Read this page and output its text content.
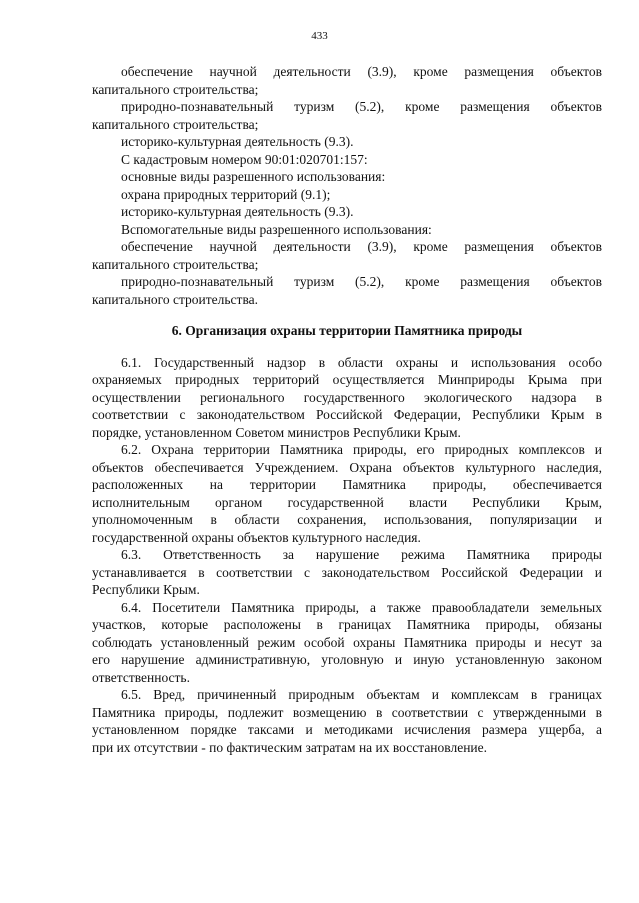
433
обеспечение научной деятельности (3.9), кроме размещения объектов
капитального строительства;
природно-познавательный туризм (5.2), кроме размещения объектов
капитального строительства;
историко-культурная деятельность (9.3).
С кадастровым номером 90:01:020701:157:
основные виды разрешенного использования:
охрана природных территорий (9.1);
историко-культурная деятельность (9.3).
Вспомогательные виды разрешенного использования:
обеспечение научной деятельности (3.9), кроме размещения объектов
капитального строительства;
природно-познавательный туризм (5.2), кроме размещения объектов
капитального строительства.

6. Организация охраны территории Памятника природы

6.1. Государственный надзор в области охраны и использования особо
охраняемых природных территорий осуществляется Минприроды Крыма при
осуществлении регионального государственного экологического надзора в
соответствии с законодательством Российской Федерации, Республики Крым в
порядке, установленном Советом министров Республики Крым.
6.2. Охрана территории Памятника природы, его природных комплексов и
объектов обеспечивается Учреждением. Охрана объектов культурного наследия,
расположенных на территории Памятника природы, обеспечивается
исполнительным органом государственной власти Республики Крым,
уполномоченным в области сохранения, использования, популяризации и
государственной охраны объектов культурного наследия.
6.3. Ответственность за нарушение режима Памятника природы
устанавливается в соответствии с законодательством Российской Федерации и
Республики Крым.
6.4. Посетители Памятника природы, а также правообладатели земельных
участков, которые расположены в границах Памятника природы, обязаны
соблюдать установленный режим особой охраны Памятника природы и несут за
его нарушение административную, уголовную и иную установленную законом
ответственность.
6.5. Вред, причиненный природным объектам и комплексам в границах
Памятника природы, подлежит возмещению в соответствии с утвержденными в
установленном порядке таксами и методиками исчисления размера ущерба, а
при их отсутствии - по фактическим затратам на их восстановление.
